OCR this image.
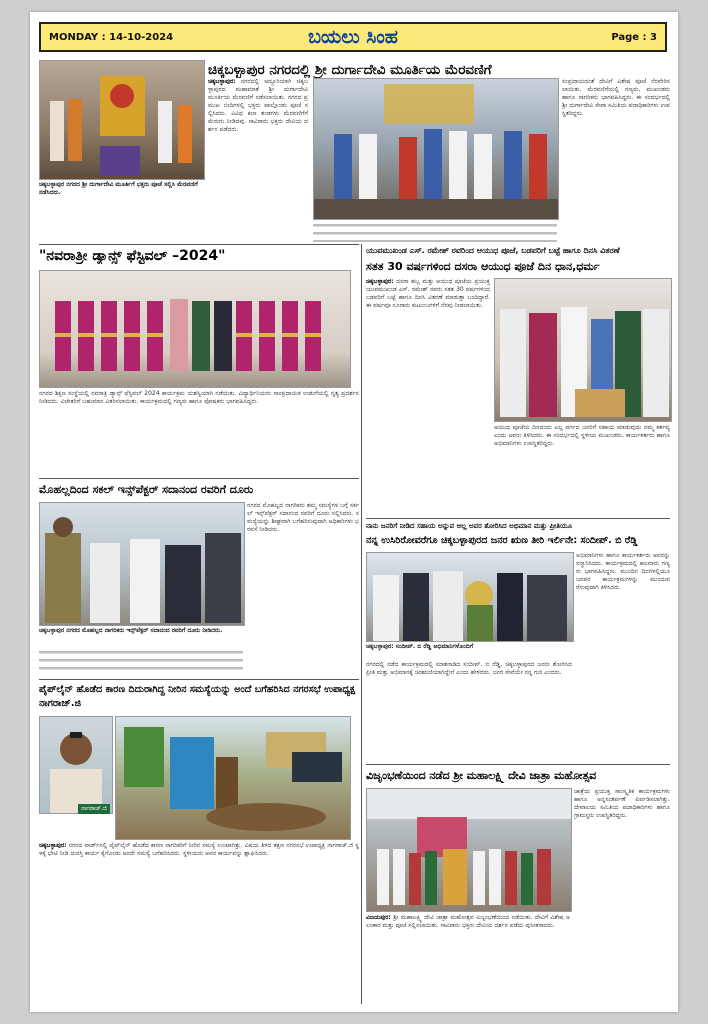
MONDAY : 14-10-2024	ಬಯಲು ಸಿಂಹ	Page : 3
ಚಿಕ್ಕಬಳ್ಳಾಪುರ ನಗರದಲ್ಲಿ ಶ್ರೀ ದುರ್ಗಾದೇವಿ ಮೂರ್ತಿಯ ಮೆರವಣಿಗೆ
ಚಿಕ್ಕಬಳ್ಳಾಪುರ ನಗರದ ಶ್ರೀ ದುರ್ಗಾದೇವಿ ಮೂರ್ತಿಗೆ ಭಕ್ತರು ಪೂಜೆ ಸಲ್ಲಿಸಿ ಮೆರವಣಿಗೆ ನಡೆಸಿದರು.
ಚಿಕ್ಕಬಳ್ಳಾಪುರ: ನಗರದಲ್ಲಿ ಅದ್ದೂರಿಯಾಗಿ ಚಿಕ್ಕಬಳ್ಳಾಪುರದ ಮಹಾಮಾತೆ ಶ್ರೀ ದುರ್ಗಾದೇವಿ ಮೂರ್ತಿಯ ಮೆರವಣಿಗೆ ನಡೆಸಲಾಯಿತು. ನಗರದ ಪ್ರಮುಖ ಬೀದಿಗಳಲ್ಲಿ ಭಕ್ತರು ಪಾಲ್ಗೊಂಡು ಪೂಜೆ ಸಲ್ಲಿಸಿದರು. ವಿವಿಧ ಕಲಾ ತಂಡಗಳು ಮೆರವಣಿಗೆಗೆ ಮೆರುಗು ನೀಡಿದವು. ಸಾವಿರಾರು ಭಕ್ತರು ದೇವಿಯ ದರ್ಶನ ಪಡೆದರು.
ಸಂಪ್ರದಾಯದಂತೆ ದೇವಿಗೆ ವಿಶೇಷ ಪೂಜೆ ನೆರವೇರಿಸಲಾಯಿತು. ಮೆರವಣಿಗೆಯಲ್ಲಿ ಗಣ್ಯರು, ಮುಖಂಡರು ಹಾಗೂ ನಾಗರಿಕರು ಭಾಗವಹಿಸಿದ್ದರು. ಈ ಸಂದರ್ಭದಲ್ಲಿ ಶ್ರೀ ದುರ್ಗಾದೇವಿ ಸೇವಾ ಸಮಿತಿಯ ಪದಾಧಿಕಾರಿಗಳು ಉಪಸ್ಥಿತರಿದ್ದರು.
"ನವರಾತ್ರೀ ಡ್ಯಾನ್ಸ್ ಫೆಸ್ಟಿವಲ್ –2024"
ನಗರದ ಶಿಕ್ಷಣ ಸಂಸ್ಥೆಯಲ್ಲಿ ನವರಾತ್ರಿ ಡ್ಯಾನ್ಸ್ ಫೆಸ್ಟಿವಲ್ 2024 ಕಾರ್ಯಕ್ರಮ ಯಶಸ್ವಿಯಾಗಿ ನಡೆಯಿತು. ವಿದ್ಯಾರ್ಥಿನಿಯರು ಸಾಂಪ್ರದಾಯಿಕ ಉಡುಗೆಯಲ್ಲಿ ನೃತ್ಯ ಪ್ರದರ್ಶನ ನೀಡಿದರು. ವಿಜೇತರಿಗೆ ಬಹುಮಾನ ವಿತರಿಸಲಾಯಿತು. ಕಾರ್ಯಕ್ರಮದಲ್ಲಿ ಗಣ್ಯರು ಹಾಗೂ ಪೋಷಕರು ಭಾಗವಹಿಸಿದ್ದರು.
ಮೊಹಲ್ಲದಿಂದ ಸಕಲ್ ಇನ್ಸ್‌ಪೆಕ್ಟರ್ ಸದಾನಂದ ರವರಿಗೆ ದೂರು
ನಗರದ ಮೊಹಲ್ಲದ ನಾಗರಿಕರು ತಮ್ಮ ಸಮಸ್ಯೆಗಳ ಬಗ್ಗೆ ಸರ್ಕಲ್ ಇನ್ಸ್‌ಪೆಕ್ಟರ್ ಸದಾನಂದ ರವರಿಗೆ ದೂರು ಸಲ್ಲಿಸಿದರು. ಸಮಸ್ಯೆಯನ್ನು ಶೀಘ್ರವಾಗಿ ಬಗೆಹರಿಸುವುದಾಗಿ ಅಧಿಕಾರಿಗಳು ಭರವಸೆ ನೀಡಿದರು.
ಚಿಕ್ಕಬಳ್ಳಾಪುರ ನಗರದ ಮೊಹಲ್ಲದ ನಾಗರಿಕರು ಇನ್ಸ್‌ಪೆಕ್ಟರ್ ಸದಾನಂದ ರವರಿಗೆ ದೂರು ನೀಡಿದರು.
ಪೈಪ್‌ಲೈನ್ ಹೊಡೆದ ಕಾರಣ ದಿದುರಾಗಿದ್ದ ನೀರಿನ ಸಮಸ್ಯೆಯನ್ನು ಅಂದೆ ಬಗೆಹರಿಸಿದ ನಗರಸಭೆ ಉಪಾಧ್ಯಕ್ಷ ನಾಗರಾಜ್.ಜಿ
ನಾಗರಾಜ್.ಜಿ
ಚಿಕ್ಕಬಳ್ಳಾಪುರ: ನಗರದ ವಾರ್ಡ್‌ನಲ್ಲಿ ಪೈಪ್‌ಲೈನ್ ಹೊಡೆದ ಕಾರಣ ನಾಗರಿಕರಿಗೆ ನೀರಿನ ಸಮಸ್ಯೆ ಉಂಟಾಗಿತ್ತು. ವಿಷಯ ತಿಳಿದ ತಕ್ಷಣ ನಗರಸಭೆ ಉಪಾಧ್ಯಕ್ಷ ನಾಗರಾಜ್.ಜಿ ಸ್ಥಳಕ್ಕೆ ಭೇಟಿ ನೀಡಿ ದುರಸ್ತಿ ಕಾರ್ಯ ಕೈಗೊಂಡು ಅಂದೇ ಸಮಸ್ಯೆ ಬಗೆಹರಿಸಿದರು. ಸ್ಥಳೀಯರು ಅವರ ಕಾರ್ಯವನ್ನು ಶ್ಲಾಘಿಸಿದರು.
ಯುವಮುಖಂಡ ಎಸ್. ರಮೇಶ್ ರವರಿಂದ ಆಯುಧ ಪೂಜೆ, ಬಡವರಿಗೆ ಬಟ್ಟೆ ಹಾಗೂ ದಿನಸಿ ವಿತರಣೆ
ಸತತ 30 ವರ್ಷಗಳಿಂದ ದಸರಾ ಆಯುಧ ಪೂಜೆ ದಿನ ಧಾನ,ಧರ್ಮ
ಚಿಕ್ಕಬಳ್ಳಾಪುರ: ದಸರಾ ಹಬ್ಬ ಮತ್ತು ಆಯುಧ ಪೂಜೆಯ ಪ್ರಯುಕ್ತ ಯುವಮುಖಂಡ ಎಸ್. ರಮೇಶ್ ರವರು ಸತತ 30 ವರ್ಷಗಳಿಂದ ಬಡವರಿಗೆ ಬಟ್ಟೆ ಹಾಗೂ ದಿನಸಿ ವಿತರಣೆ ಮಾಡುತ್ತಾ ಬಂದಿದ್ದಾರೆ. ಈ ವರ್ಷವೂ ನೂರಾರು ಕುಟುಂಬಗಳಿಗೆ ನೆರವು ನೀಡಲಾಯಿತು.
ಆಯುಧ ಪೂಜೆಯ ದಿನದಂದು ಎಲ್ಲ ವರ್ಗದ ಜನರಿಗೆ ಸಹಾಯ ಮಾಡುವುದು ನಮ್ಮ ಕರ್ತವ್ಯ ಎಂದು ಅವರು ತಿಳಿಸಿದರು. ಈ ಸಂದರ್ಭದಲ್ಲಿ ಸ್ಥಳೀಯ ಮುಖಂಡರು, ಕಾರ್ಯಕರ್ತರು ಹಾಗೂ ಅಭಿಮಾನಿಗಳು ಉಪಸ್ಥಿತರಿದ್ದರು.
ನಾನು ಜನರಿಗೆ ನೀಡಿದ ಸಹಾಯ ಅನ್ನುವ ಅಲ್ಲ ಅವರ ತೋರಿಸಿದ ಅಭಿಮಾನ ಮತ್ತು ಪ್ರೀತಿಯೂ
ನನ್ನ ಉಸಿರಿರೋವರೆಗೂ ಚಿಕ್ಕಬಳ್ಳಾಪುರದ ಜನರ ಋಣ ತೀರಿ ಇರ್ಲಿನೇ: ಸಂದೀಪ್. ಬಿ ರೆಡ್ಡಿ
ಅಭಿಮಾನಿಗಳು ಹಾಗೂ ಕಾರ್ಯಕರ್ತರು ಅವರನ್ನು ಸನ್ಮಾನಿಸಿದರು. ಕಾರ್ಯಕ್ರಮದಲ್ಲಿ ಹಲವಾರು ಗಣ್ಯರು ಭಾಗವಹಿಸಿದ್ದರು. ಮುಂದಿನ ದಿನಗಳಲ್ಲಿಯೂ ಜನಪರ ಕಾರ್ಯಕ್ರಮಗಳನ್ನು ಮುಂದುವರೆಸುವುದಾಗಿ ತಿಳಿಸಿದರು.
ಚಿಕ್ಕಬಳ್ಳಾಪುರ: ಸಂದೀಪ್. ಬಿ ರೆಡ್ಡಿ ಅಭಿಮಾನಿಗಳೊಂದಿಗೆ
ನಗರದಲ್ಲಿ ನಡೆದ ಕಾರ್ಯಕ್ರಮದಲ್ಲಿ ಮಾತನಾಡಿದ ಸಂದೀಪ್. ಬಿ ರೆಡ್ಡಿ, ಚಿಕ್ಕಬಳ್ಳಾಪುರದ ಜನರು ತೋರಿಸಿದ ಪ್ರೀತಿ ಮತ್ತು ಅಭಿಮಾನಕ್ಕೆ ಚಿರಋಣಿಯಾಗಿದ್ದೇನೆ ಎಂದು ಹೇಳಿದರು. ಜನರ ಸೇವೆಯೇ ನನ್ನ ಗುರಿ ಎಂದರು.
ವಿಜೃಂಭಣೆಯಿಂದ ನಡೆದ ಶ್ರೀ ಮಹಾಲಕ್ಷ್ಮಿ ದೇವಿ ಜಾತ್ರಾ ಮಹೋತ್ಸವ
ವಿಜಯಪುರ: ಶ್ರೀ ಮಹಾಲಕ್ಷ್ಮಿ ದೇವಿ ಜಾತ್ರಾ ಮಹೋತ್ಸವ ವಿಜೃಂಭಣೆಯಿಂದ ನಡೆಯಿತು. ದೇವಿಗೆ ವಿಶೇಷ ಅಲಂಕಾರ ಮತ್ತು ಪೂಜೆ ಸಲ್ಲಿಸಲಾಯಿತು. ಸಾವಿರಾರು ಭಕ್ತರು ದೇವಿಯ ದರ್ಶನ ಪಡೆದು ಪುನೀತರಾದರು.
ಜಾತ್ರೆಯ ಪ್ರಯುಕ್ತ ಸಾಂಸ್ಕೃತಿಕ ಕಾರ್ಯಕ್ರಮಗಳು ಹಾಗೂ ಅನ್ನಸಂತರ್ಪಣೆ ಏರ್ಪಡಿಸಲಾಗಿತ್ತು. ದೇವಾಲಯ ಸಮಿತಿಯ ಪದಾಧಿಕಾರಿಗಳು ಹಾಗೂ ಗ್ರಾಮಸ್ಥರು ಉಪಸ್ಥಿತರಿದ್ದರು.
